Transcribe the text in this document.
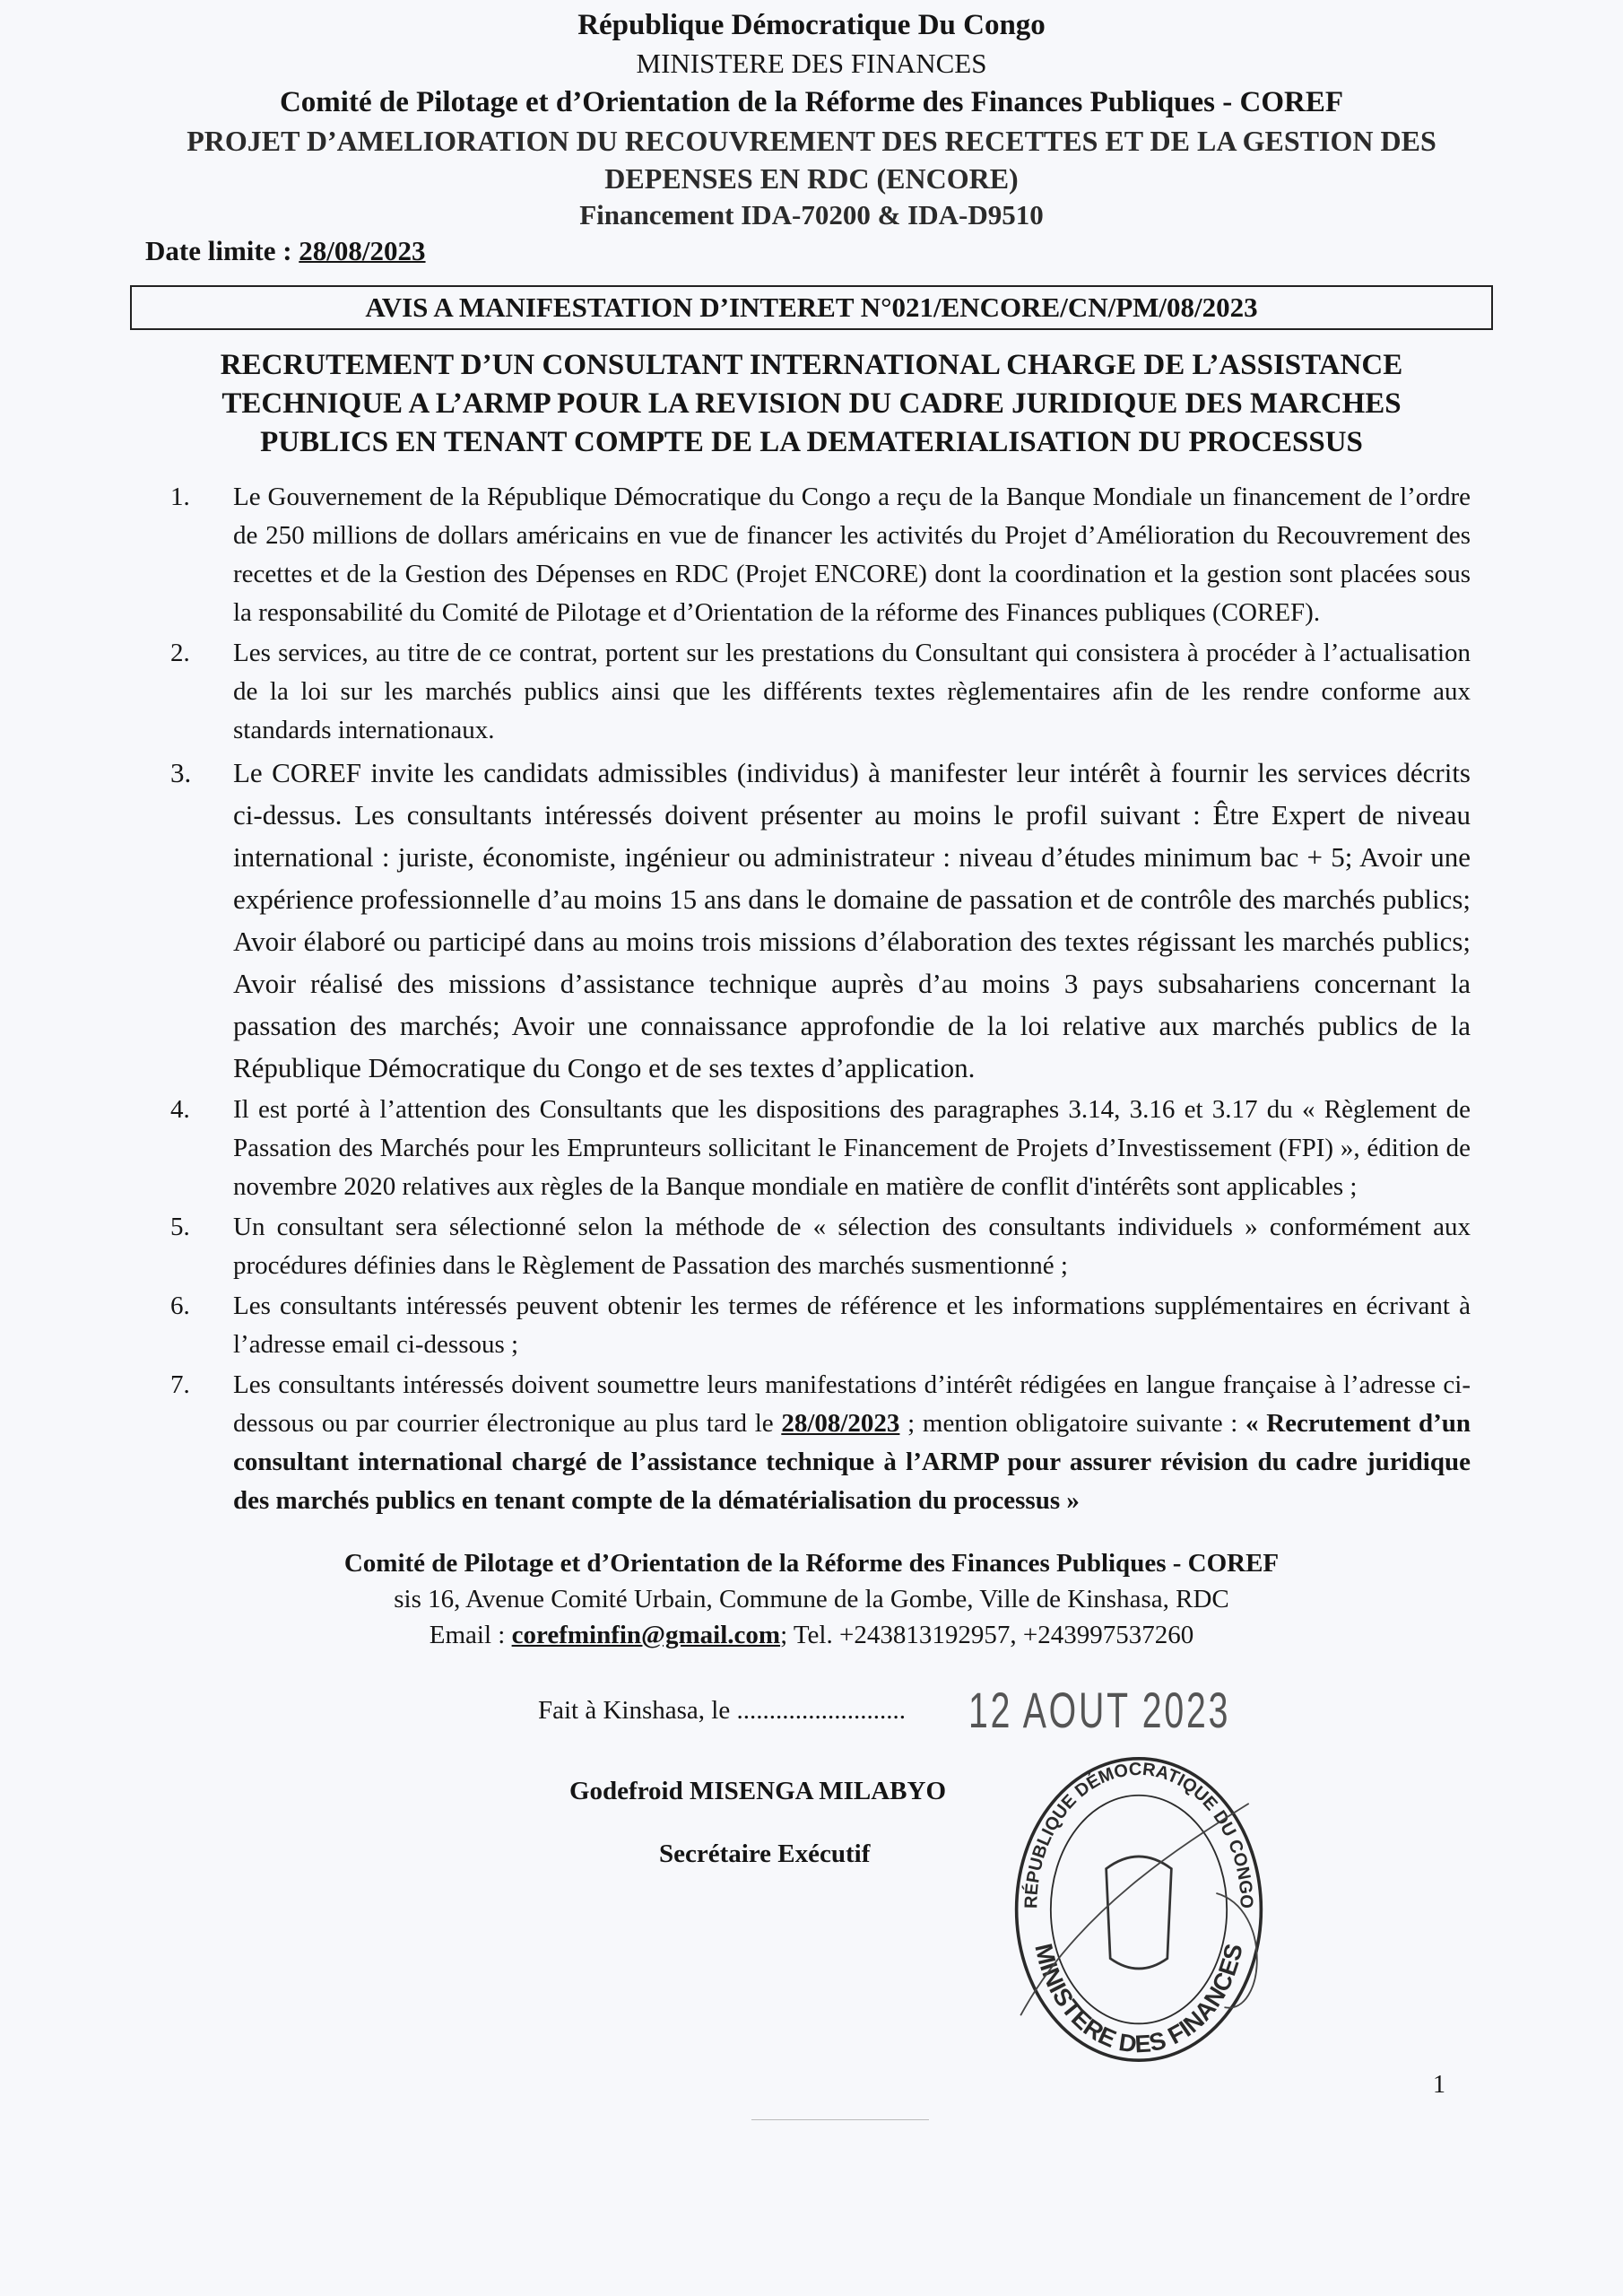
République Démocratique Du Congo
MINISTERE DES FINANCES
Comité de Pilotage et d’Orientation de la Réforme des Finances Publiques - COREF
PROJET D’AMELIORATION DU RECOUVREMENT DES RECETTES ET DE LA GESTION DES DEPENSES EN RDC (ENCORE)
Financement IDA-70200 & IDA-D9510
Date limite : 28/08/2023
AVIS A MANIFESTATION D’INTERET N°021/ENCORE/CN/PM/08/2023
RECRUTEMENT D’UN CONSULTANT INTERNATIONAL CHARGE DE L’ASSISTANCE TECHNIQUE A L’ARMP POUR LA REVISION DU CADRE JURIDIQUE DES MARCHES PUBLICS EN TENANT COMPTE DE LA DEMATERIALISATION DU PROCESSUS
1. Le Gouvernement de la République Démocratique du Congo a reçu de la Banque Mondiale un financement de l’ordre de 250 millions de dollars américains en vue de financer les activités du Projet d’Amélioration du Recouvrement des recettes et de la Gestion des Dépenses en RDC (Projet ENCORE) dont la coordination et la gestion sont placées sous la responsabilité du Comité de Pilotage et d’Orientation de la réforme des Finances publiques (COREF).
2. Les services, au titre de ce contrat, portent sur les prestations du Consultant qui consistera à procéder à l’actualisation de la loi sur les marchés publics ainsi que les différents textes règlementaires afin de les rendre conforme aux standards internationaux.
3. Le COREF invite les candidats admissibles (individus) à manifester leur intérêt à fournir les services décrits ci-dessus. Les consultants intéressés doivent présenter au moins le profil suivant : Être Expert de niveau international : juriste, économiste, ingénieur ou administrateur : niveau d’études minimum bac + 5; Avoir une expérience professionnelle d’au moins 15 ans dans le domaine de passation et de contrôle des marchés publics; Avoir élaboré ou participé dans au moins trois missions d’élaboration des textes régissant les marchés publics; Avoir réalisé des missions d’assistance technique auprès d’au moins 3 pays subsahariens concernant la passation des marchés; Avoir une connaissance approfondie de la loi relative aux marchés publics de la République Démocratique du Congo et de ses textes d’application.
4. Il est porté à l’attention des Consultants que les dispositions des paragraphes 3.14, 3.16 et 3.17 du « Règlement de Passation des Marchés pour les Emprunteurs sollicitant le Financement de Projets d’Investissement (FPI) », édition de novembre 2020 relatives aux règles de la Banque mondiale en matière de conflit d'intérêts sont applicables ;
5. Un consultant sera sélectionné selon la méthode de « sélection des consultants individuels » conformément aux procédures définies dans le Règlement de Passation des marchés susmentionné ;
6. Les consultants intéressés peuvent obtenir les termes de référence et les informations supplémentaires en écrivant à l’adresse email ci-dessous ;
7. Les consultants intéressés doivent soumettre leurs manifestations d’intérêt rédigées en langue française à l’adresse ci-dessous ou par courrier électronique au plus tard le 28/08/2023 ; mention obligatoire suivante : « Recrutement d’un consultant international chargé de l’assistance technique à l’ARMP pour assurer révision du cadre juridique des marchés publics en tenant compte de la dématérialisation du processus »
Comité de Pilotage et d’Orientation de la Réforme des Finances Publiques - COREF
sis 16, Avenue Comité Urbain, Commune de la Gombe, Ville de Kinshasa, RDC
Email : corefminfin@gmail.com; Tel. +243813192957, +243997537260
Fait à Kinshasa, le .......................... 12 AOUT 2023
Godefroid MISENGA MILABYO
Secrétaire Exécutif
RÉPUBLIQUE DÉMOCRATIQUE DU CONGO
MINISTERE DES FINANCES
1
